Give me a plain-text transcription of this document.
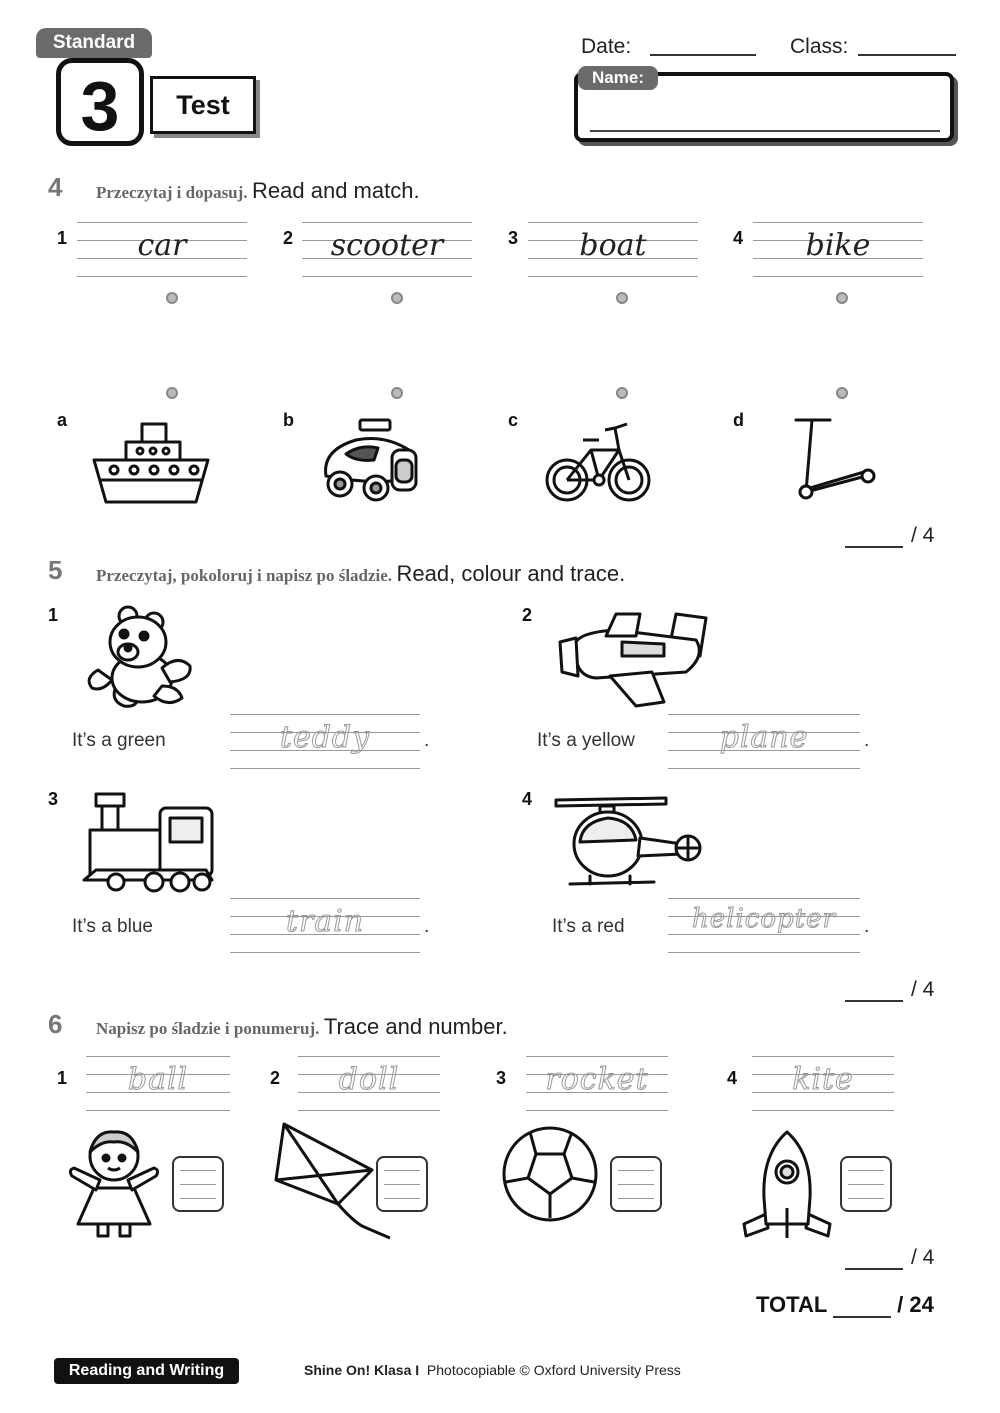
Standard
3	Test
Date:	Class:
Name:
4 Przeczytaj i dopasuj. Read and match.
1	car	2	scooter	3	boat	4	bike
a	b	c	d
/ 4
5 Przeczytaj, pokoloruj i napisz po śladzie. Read, colour and trace.
1	2
3	4
It’s a green	teddy	.	It’s a yellow	plane	.
It’s a blue	train	.	It’s a red	helicopter	.
/ 4
6 Napisz po śladzie i ponumeruj. Trace and number.
1	ball	2	doll	3	rocket	4	kite
/ 4
TOTAL	/ 24
Reading and Writing	Shine On! Klasa I Photocopiable © Oxford University Press
